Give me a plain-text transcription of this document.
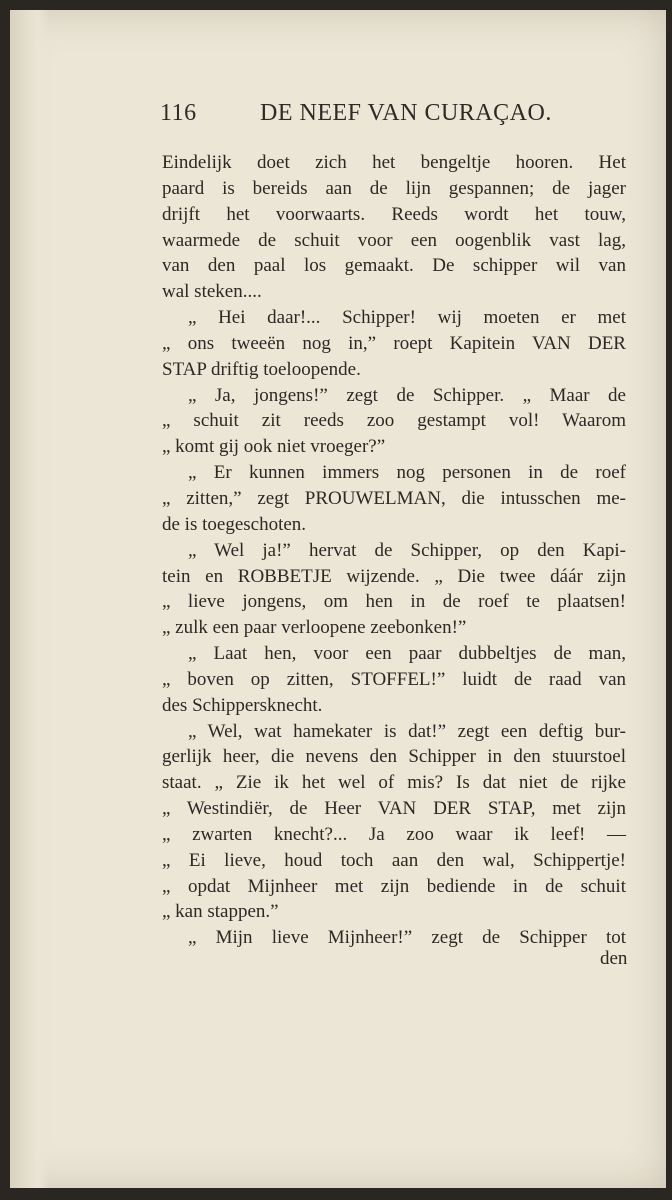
116	DE NEEF VAN CURAÇAO.
Eindelijk doet zich het bengeltje hooren. Het
paard is bereids aan de lijn gespannen; de jager
drijft het voorwaarts. Reeds wordt het touw,
waarmede de schuit voor een oogenblik vast lag,
van den paal los gemaakt. De schipper wil van
wal steken....
„ Hei daar!... Schipper! wij moeten er met
„ ons tweeën nog in,” roept Kapitein VAN DER
STAP driftig toeloopende.
„ Ja, jongens!” zegt de Schipper. „ Maar de
„ schuit zit reeds zoo gestampt vol! Waarom
„ komt gij ook niet vroeger?”
„ Er kunnen immers nog personen in de roef
„ zitten,” zegt PROUWELMAN, die intusschen me-
de is toegeschoten.
„ Wel ja!” hervat de Schipper, op den Kapi-
tein en ROBBETJE wijzende. „ Die twee dáár zijn
„ lieve jongens, om hen in de roef te plaatsen!
„ zulk een paar verloopene zeebonken!”
„ Laat hen, voor een paar dubbeltjes de man,
„ boven op zitten, STOFFEL!” luidt de raad van
des Schippersknecht.
„ Wel, wat hamekater is dat!” zegt een deftig bur-
gerlijk heer, die nevens den Schipper in den stuurstoel
staat. „ Zie ik het wel of mis? Is dat niet de rijke
„ Westindiër, de Heer VAN DER STAP, met zijn
„ zwarten knecht?... Ja zoo waar ik leef! —
„ Ei lieve, houd toch aan den wal, Schippertje!
„ opdat Mijnheer met zijn bediende in de schuit
„ kan stappen.”
„ Mijn lieve Mijnheer!” zegt de Schipper tot
den
